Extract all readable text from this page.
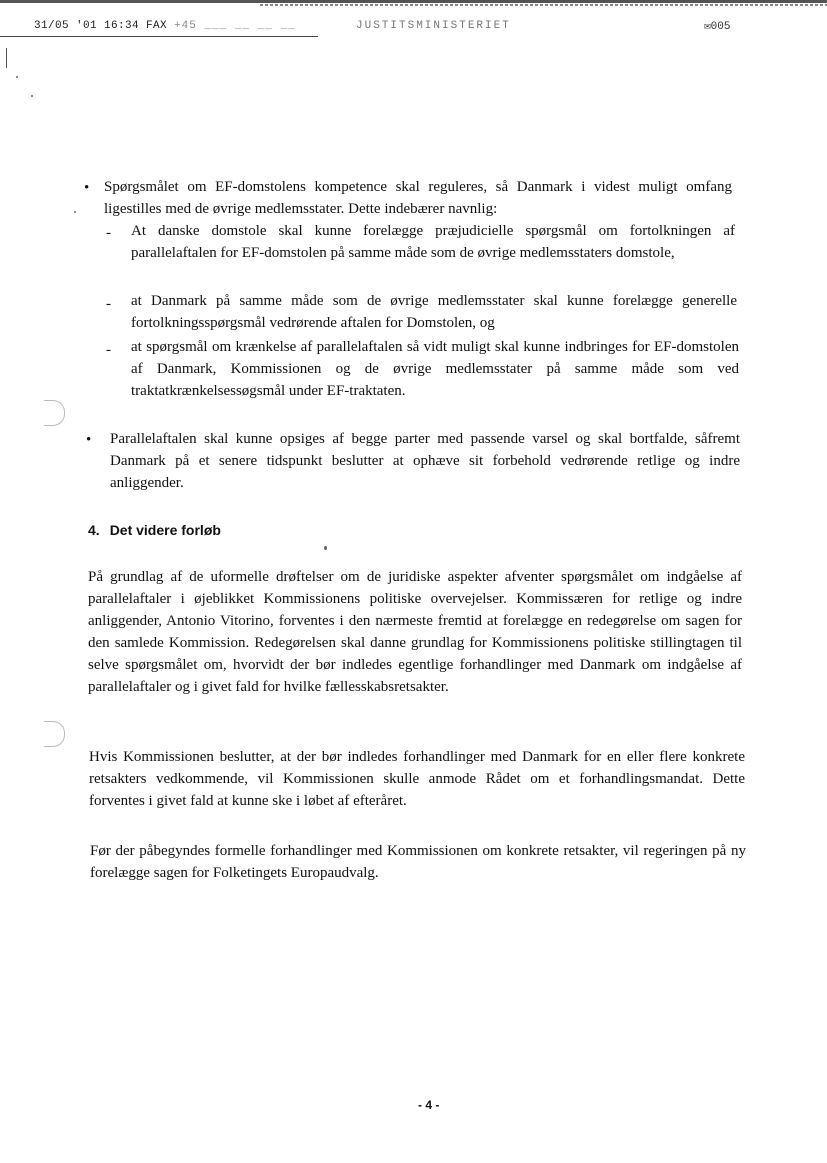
31/05 '01 16:34 FAX +45 ___ __ __ __	JUSTITSMINISTERIET	✉005
• Spørgsmålet om EF-domstolens kompetence skal reguleres, så Danmark i videst muligt omfang ligestilles med de øvrige medlemsstater. Dette indebærer navnlig:
- At danske domstole skal kunne forelægge præjudicielle spørgsmål om fortolkningen af parallelaftalen for EF-domstolen på samme måde som de øvrige medlemsstaters domstole,
- at Danmark på samme måde som de øvrige medlemsstater skal kunne forelægge generelle fortolkningsspørgsmål vedrørende aftalen for Domstolen, og
- at spørgsmål om krænkelse af parallelaftalen så vidt muligt skal kunne indbringes for EF-domstolen af Danmark, Kommissionen og de øvrige medlemsstater på samme måde som ved traktatkrænkelsessøgsmål under EF-traktaten.
• Parallelaftalen skal kunne opsiges af begge parter med passende varsel og skal bortfalde, såfremt Danmark på et senere tidspunkt beslutter at ophæve sit forbehold vedrørende retlige og indre anliggender.
4. Det videre forløb
På grundlag af de uformelle drøftelser om de juridiske aspekter afventer spørgsmålet om indgåelse af parallelaftaler i øjeblikket Kommissionens politiske overvejelser. Kommissæren for retlige og indre anliggender, Antonio Vitorino, forventes i den nærmeste fremtid at forelægge en redegørelse om sagen for den samlede Kommission. Redegørelsen skal danne grundlag for Kommissionens politiske stillingtagen til selve spørgsmålet om, hvorvidt der bør indledes egentlige forhandlinger med Danmark om indgåelse af parallelaftaler og i givet fald for hvilke fællesskabsretsakter.
Hvis Kommissionen beslutter, at der bør indledes forhandlinger med Danmark for en eller flere konkrete retsakters vedkommende, vil Kommissionen skulle anmode Rådet om et forhandlingsmandat. Dette forventes i givet fald at kunne ske i løbet af efteråret.
Før der påbegyndes formelle forhandlinger med Kommissionen om konkrete retsakter, vil regeringen på ny forelægge sagen for Folketingets Europaudvalg.
- 4 -
